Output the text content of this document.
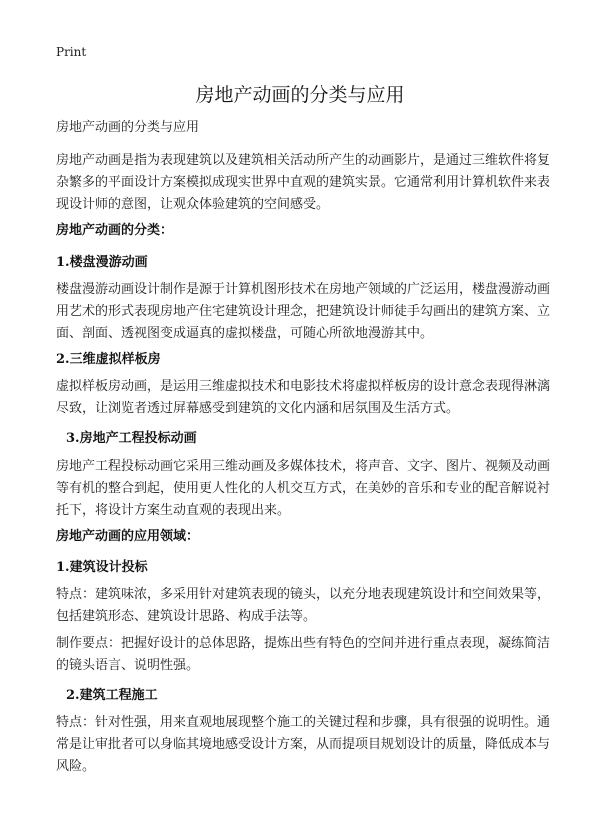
Print
房地产动画的分类与应用
房地产动画的分类与应用
房地产动画是指为表现建筑以及建筑相关活动所产生的动画影片，是通过三维软件将复杂繁多的平面设计方案模拟成现实世界中直观的建筑实景。它通常利用计算机软件来表现设计师的意图，让观众体验建筑的空间感受。
房地产动画的分类：
1.楼盘漫游动画
楼盘漫游动画设计制作是源于计算机图形技术在房地产领域的广泛运用，楼盘漫游动画用艺术的形式表现房地产住宅建筑设计理念，把建筑设计师徒手勾画出的建筑方案、立面、剖面、透视图变成逼真的虚拟楼盘，可随心所欲地漫游其中。
2.三维虚拟样板房
虚拟样板房动画，是运用三维虚拟技术和电影技术将虚拟样板房的设计意念表现得淋漓尽致，让浏览者透过屏幕感受到建筑的文化内涵和居氛围及生活方式。
3.房地产工程投标动画
房地产工程投标动画它采用三维动画及多媒体技术，将声音、文字、图片、视频及动画等有机的整合到起，使用更人性化的人机交互方式，在美妙的音乐和专业的配音解说衬托下，将设计方案生动直观的表现出来。
房地产动画的应用领域：
1.建筑设计投标
特点：建筑味浓，多采用针对建筑表现的镜头，以充分地表现建筑设计和空间效果等，包括建筑形态、建筑设计思路、构成手法等。
制作要点：把握好设计的总体思路，提炼出些有特色的空间并进行重点表现，凝练简洁的镜头语言、说明性强。
2.建筑工程施工
特点：针对性强，用来直观地展现整个施工的关键过程和步骤，具有很强的说明性。通常是让审批者可以身临其境地感受设计方案，从而提项目规划设计的质量，降低成本与风险。
